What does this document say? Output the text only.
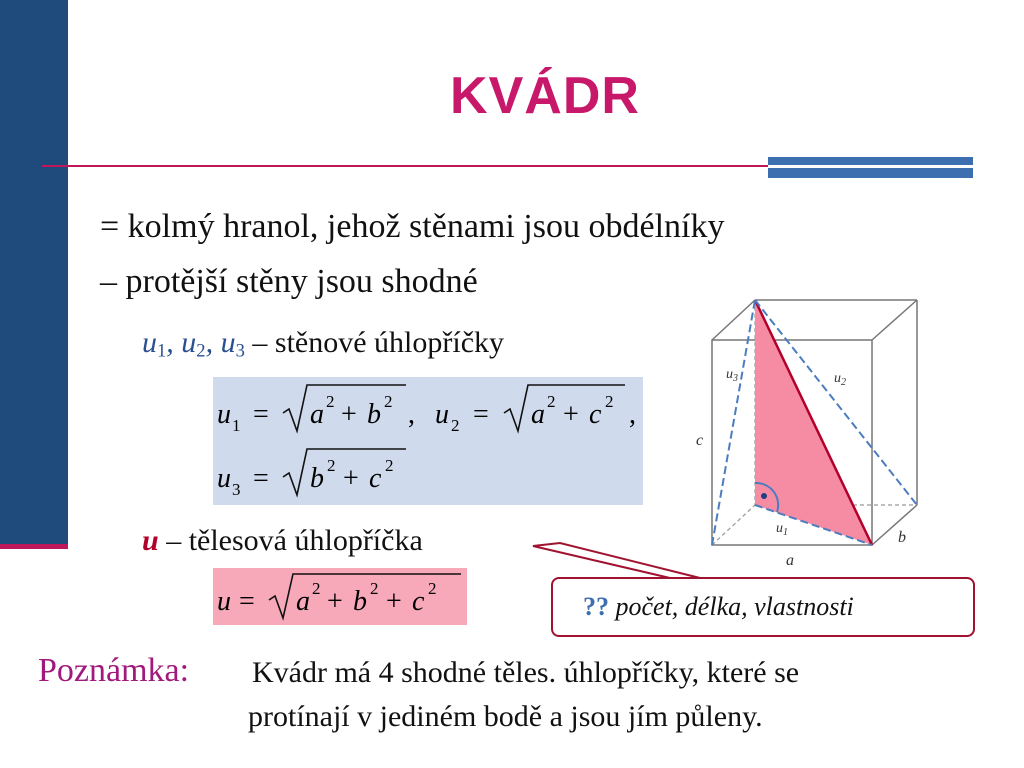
KVÁDR
= kolmý hranol, jehož stěnami jsou obdélníky
– protější stěny jsou shodné
$u_1$, $u_2$, $u_3$ – stěnové úhlopříčky
u 1 = a 2 + b 2 , u 2 = a 2 + c 2 ,
u 3 = b 2 + c 2
u – tělesová úhlopříčka
u = a 2 + b 2 + c 2
?? počet, délka, vlastnosti
c
a
b
$u_3$	$u_2$
$u_1$
Poznámka: Kvádr má 4 shodné těles. úhlopříčky, které se
protínají v jediném bodě a jsou jím půleny.
